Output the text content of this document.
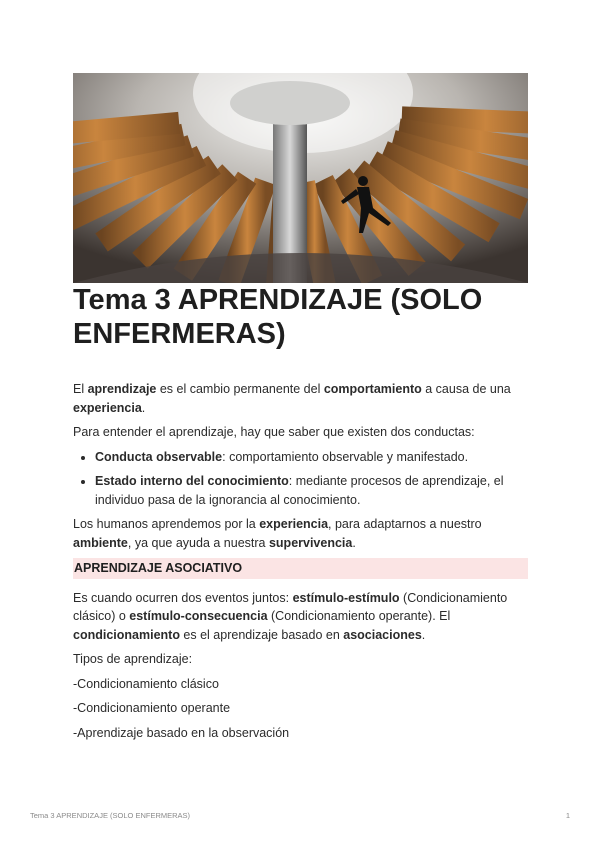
Tema 3 APRENDIZAJE (SOLO ENFERMERAS)

El aprendizaje es el cambio permanente del comportamiento a causa de una experiencia.

Para entender el aprendizaje, hay que saber que existen dos conductas:

• Conducta observable: comportamiento observable y manifestado.
• Estado interno del conocimiento: mediante procesos de aprendizaje, el individuo pasa de la ignorancia al conocimiento.

Los humanos aprendemos por la experiencia, para adaptarnos a nuestro ambiente, ya que ayuda a nuestra supervivencia.

APRENDIZAJE ASOCIATIVO

Es cuando ocurren dos eventos juntos: estímulo-estímulo (Condicionamiento clásico) o estímulo-consecuencia (Condicionamiento operante). El condicionamiento es el aprendizaje basado en asociaciones.

Tipos de aprendizaje:

-Condicionamiento clásico

-Condicionamiento operante

-Aprendizaje basado en la observación

Tema 3 APRENDIZAJE (SOLO ENFERMERAS)	1
